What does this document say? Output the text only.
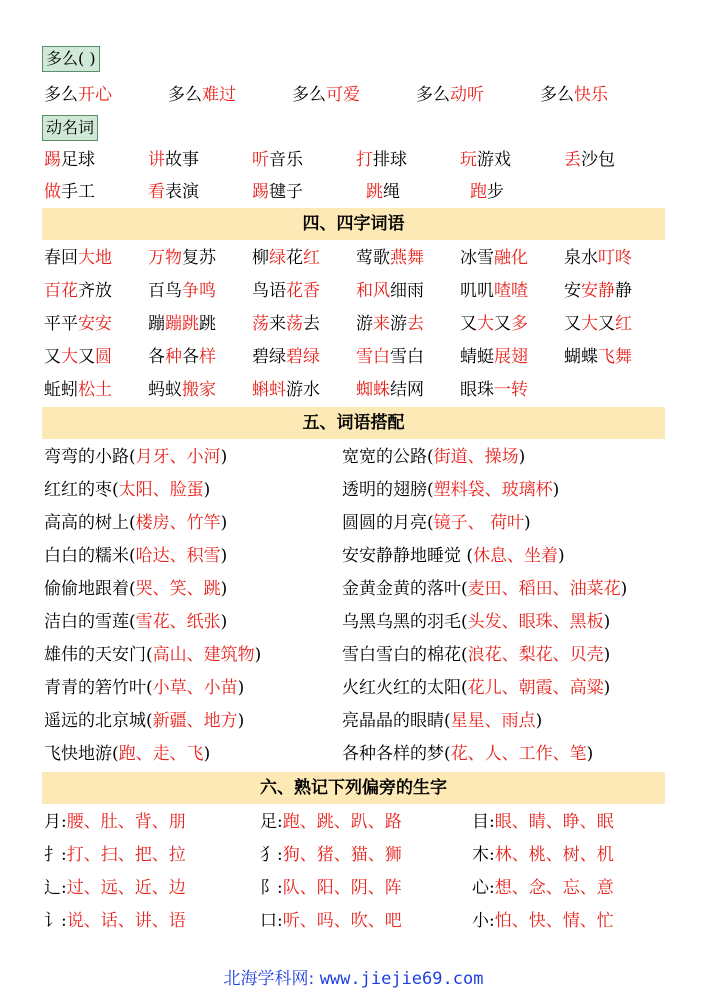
多么( )
多么开心	多么难过	多么可爱	多么动听	多么快乐
动名词
踢足球	讲故事	听音乐	打排球	玩游戏	丢沙包
做手工	看表演	踢毽子	跳绳	跑步
四、四字词语
春回大地 万物复苏 柳绿花红 莺歌燕舞 冰雪融化 泉水叮咚
百花齐放 百鸟争鸣 鸟语花香 和风细雨 叽叽喳喳 安安静静
平平安安 蹦蹦跳跳 荡来荡去 游来游去 又大又多 又大又红
又大又圆 各种各样 碧绿碧绿 雪白雪白 蜻蜓展翅 蝴蝶飞舞
蚯蚓松土 蚂蚁搬家 蝌蚪游水 蜘蛛结网 眼珠一转
五、词语搭配
弯弯的小路(月牙、小河)	宽宽的公路(街道、操场)
红红的枣(太阳、脸蛋)	透明的翅膀(塑料袋、玻璃杯)
高高的树上(楼房、竹竿)	圆圆的月亮(镜子、 荷叶)
白白的糯米(哈达、积雪)	安安静静地睡觉 (休息、坐着)
偷偷地跟着(哭、笑、跳)	金黄金黄的落叶(麦田、稻田、油菜花)
洁白的雪莲(雪花、纸张)	乌黑乌黑的羽毛(头发、眼珠、黑板)
雄伟的天安门(高山、建筑物)	雪白雪白的棉花(浪花、梨花、贝壳)
青青的箬竹叶(小草、小苗)	火红火红的太阳(花儿、朝霞、高粱)
遥远的北京城(新疆、地方)	亮晶晶的眼睛(星星、雨点)
飞快地游(跑、走、飞)	各种各样的梦(花、人、工作、笔)
六、熟记下列偏旁的生字
月:腰、肚、背、朋	足:跑、跳、趴、路	目:眼、睛、睁、眠
扌:打、扫、把、拉	犭:狗、猪、猫、狮	木:林、桃、树、机
辶:过、远、近、边	阝:队、阳、阴、阵	心:想、念、忘、意
讠:说、话、讲、语	口:听、吗、吹、吧	小:怕、快、情、忙
北海学科网: www.jiejie69.com
